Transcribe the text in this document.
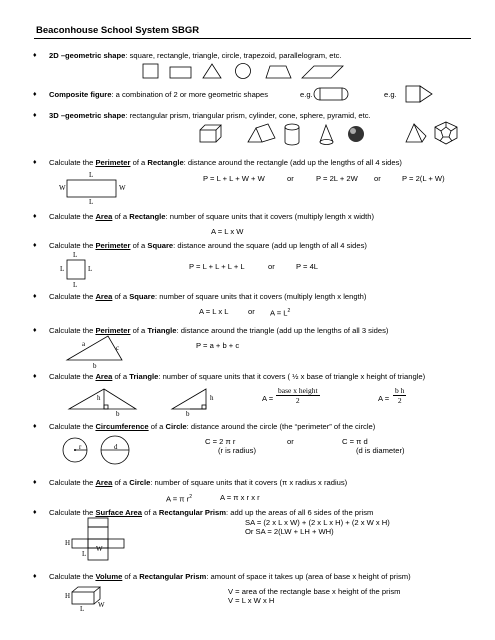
Beaconhouse School System SBGR
♦ 2D –geometric shape: square, rectangle, triangle, circle, trapezoid, parallelogram, etc.
♦ Composite figure: a combination of 2 or more geometric shapes	e.g.	e.g.
♦ 3D –geometric shape: rectangular prism, triangular prism, cylinder, cone, sphere, pyramid, etc.
♦ Calculate the Perimeter of a Rectangle: distance around the rectangle (add up the lengths of all 4 sides)
P = L + L + W + W	or	P = 2L + 2W or	P = 2(L + W)
L
W	W
L
♦ Calculate the Area of a Rectangle: number of square units that it covers (multiply length x width)
A = L x W
♦ Calculate the Perimeter of a Square: distance around the square (add up length of all 4 sides)
P = L + L + L + L	or	P = 4L
L
L	L
L
♦ Calculate the Area of a Square: number of square units that it covers (multiply length x length)
A = L x L	or $A = L^2$
♦ Calculate the Perimeter of a Triangle: distance around the triangle (add up the lengths of all 3 sides)
P = a + b + c
a	c
b
♦ Calculate the Area of a Triangle: number of square units that it covers ( ½ x base of triangle x height of triangle)
h
b
h
b
A =
base x height
2	$A = \frac{\text{b h}}{2}$
♦ Calculate the Circumference of a Circle: distance around the circle (the “perimeter” of the circle)
C = 2 π r
(r is radius)
or	C = π d
(d is diameter)
r	d
♦ Calculate the Area of a Circle: number of square units that it covers (π x radius x radius)
A = π $r^2$	A = π x r x r
♦ Calculate the Surface Area of a Rectangular Prism: add up the areas of all 6 sides of the prism
SA = (2 x L x W) + (2 x L x H) + (2 x W x H)
Or SA = 2(LW + LH + WH)
H
L
W
♦ Calculate the Volume of a Rectangular Prism: amount of space it takes up (area of base x height of prism)
V = area of the rectangle base x height of the prism
V = L x W x H
H
L W
